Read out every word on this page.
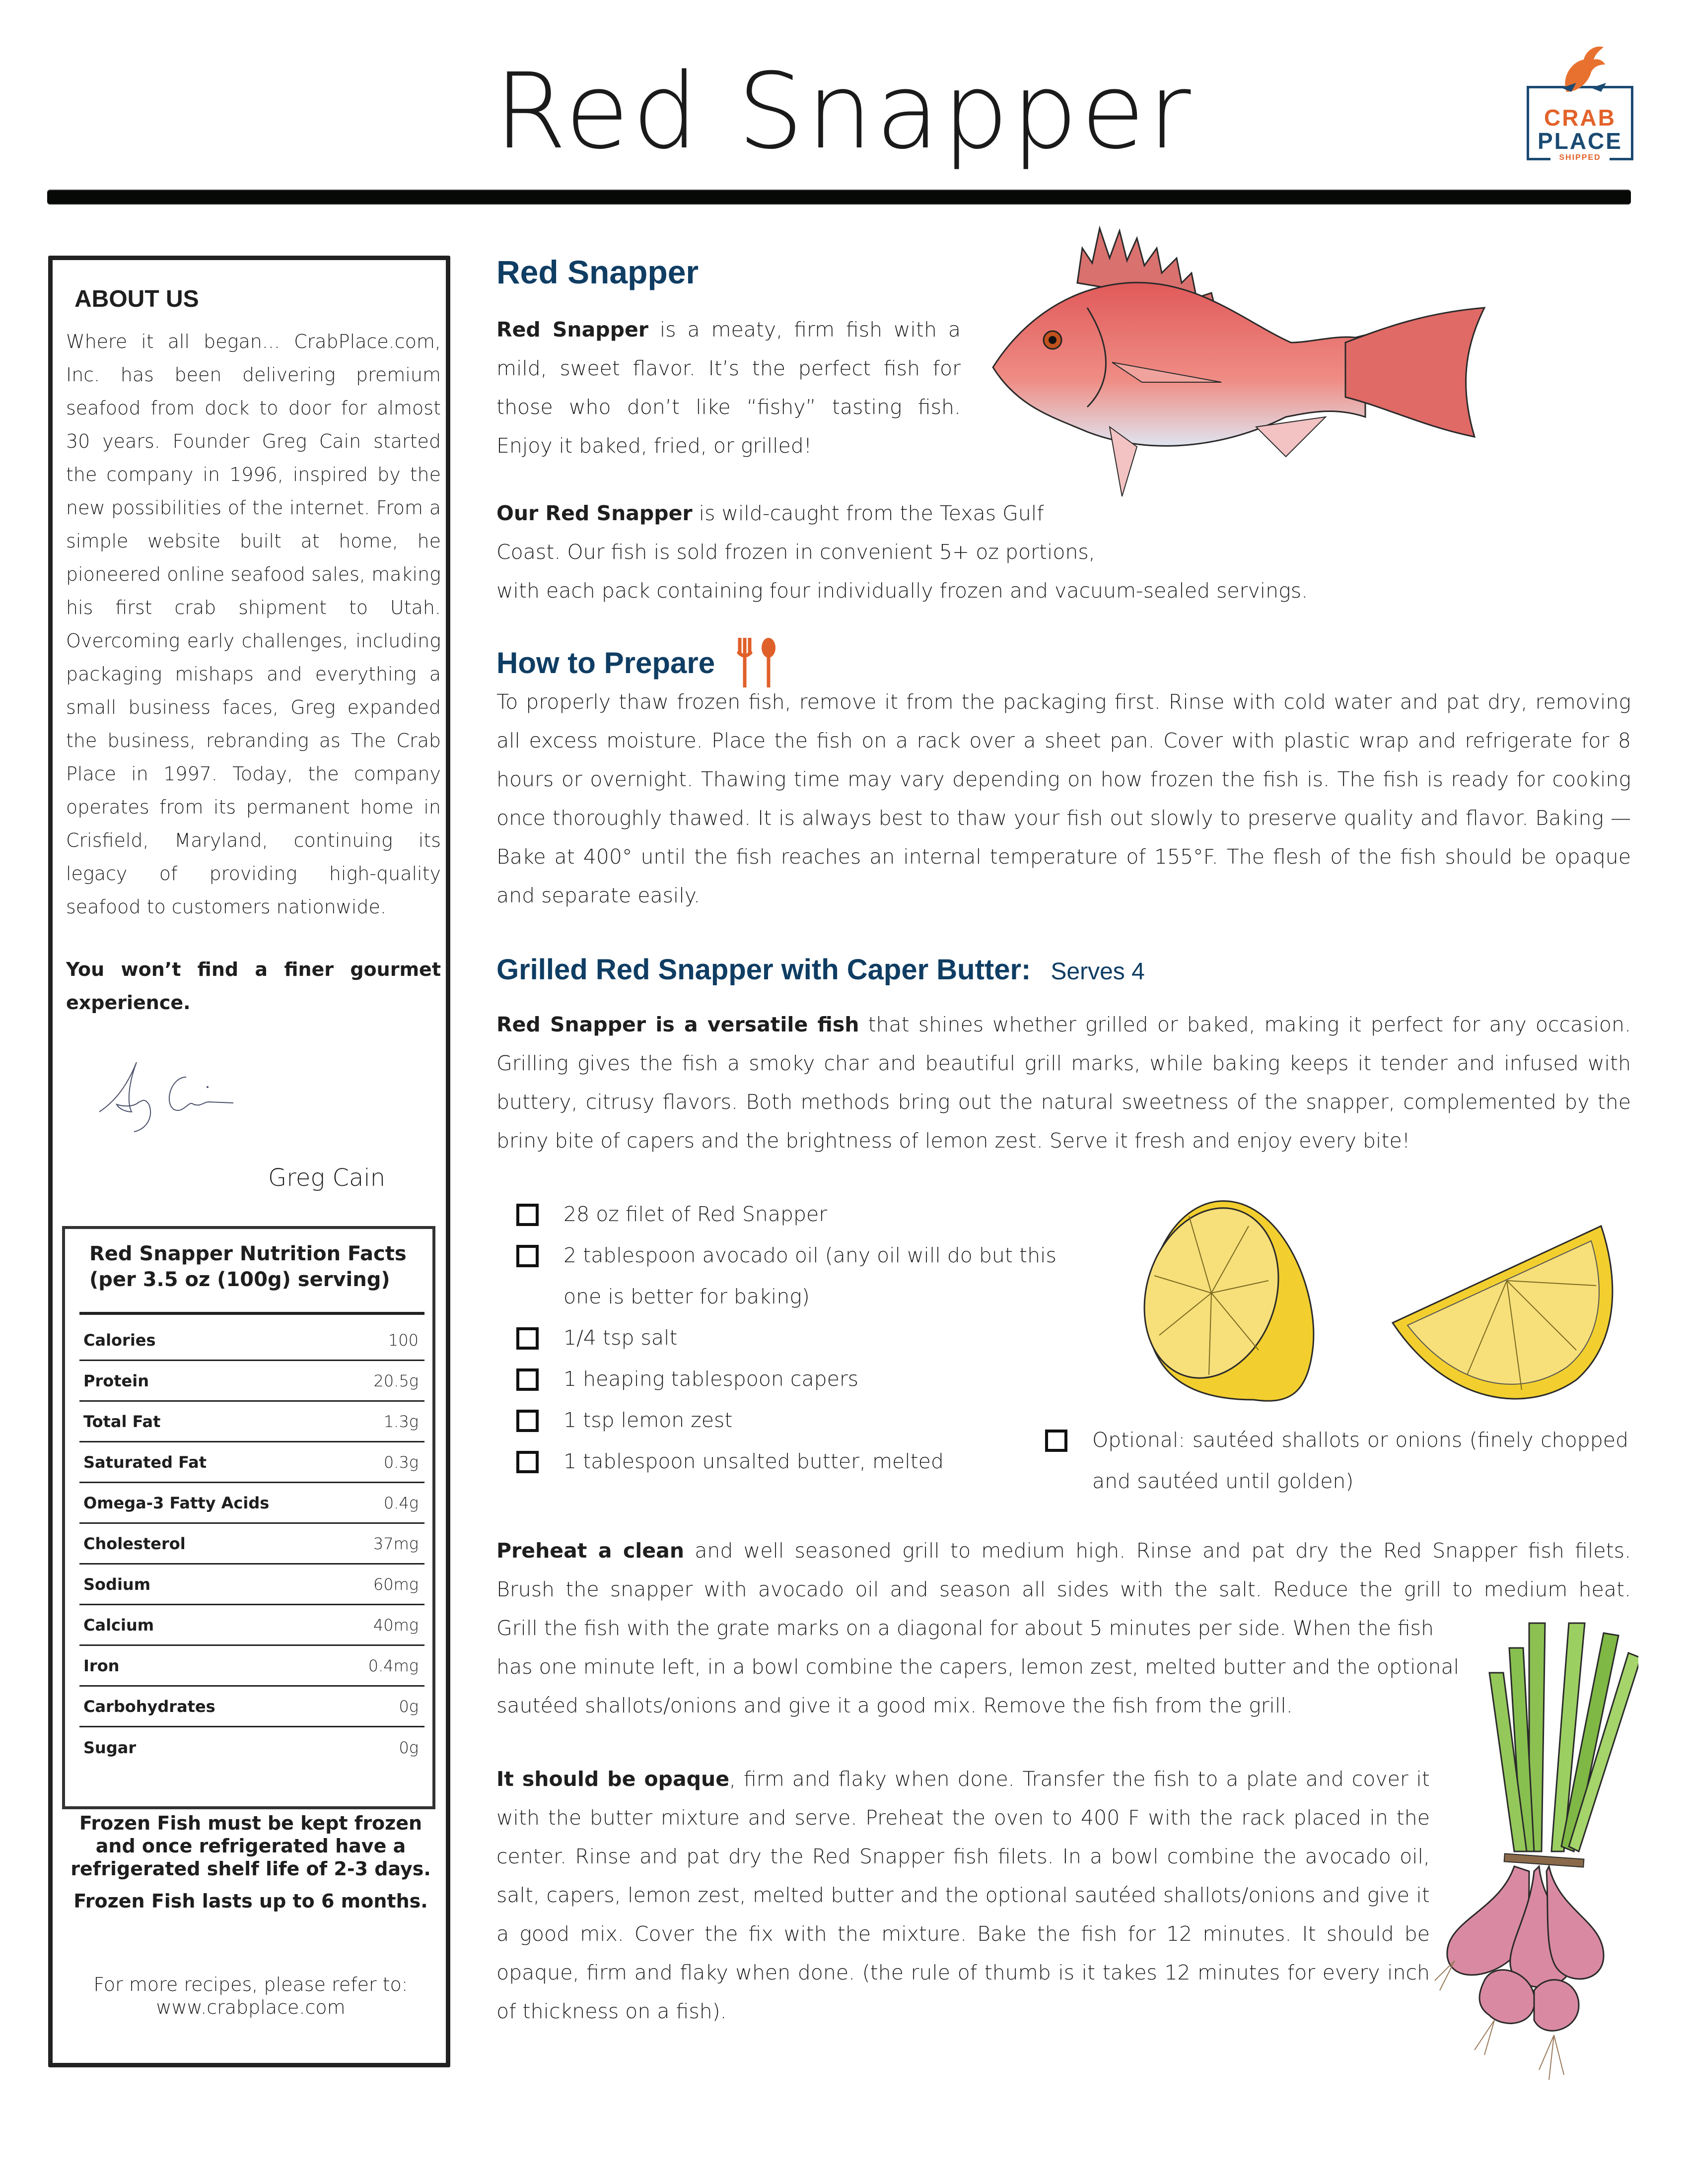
Red Snapper	CRAB
PLACE
SHIPPED
ABOUT US
Where it all began... CrabPlace.com, Inc. has been delivering premium seafood from dock to door for almost 30 years. Founder Greg Cain started the company in 1996, inspired by the new possibilities of the internet. From a simple website built at home, he pioneered online seafood sales, making his first crab shipment to Utah. Overcoming early challenges, including packaging mishaps and everything a small business faces, Greg expanded the business, rebranding as The Crab Place in 1997. Today, the company operates from its permanent home in Crisfield, Maryland, continuing its legacy of providing high-quality seafood to customers nationwide.
You won’t find a finer gourmet experience.
Greg Cain
Red Snapper Nutrition Facts
(per 3.5 oz (100g) serving)
Calories	100
Protein	20.5g
Total Fat	1.3g
Saturated Fat	0.3g
Omega-3 Fatty Acids	0.4g
Cholesterol	37mg
Sodium	60mg
Calcium	40mg
Iron	0.4mg
Carbohydrates	0g
Sugar	0g
Frozen Fish must be kept frozen and once refrigerated have a refrigerated shelf life of 2-3 days.
Frozen Fish lasts up to 6 months.
For more recipes, please refer to:
www.crabplace.com
Red Snapper
Red Snapper is a meaty, firm fish with a mild, sweet flavor. It’s the perfect fish for those who don’t like “fishy” tasting fish. Enjoy it baked, fried, or grilled!
Our Red Snapper is wild-caught from the Texas Gulf
Coast. Our fish is sold frozen in convenient 5+ oz portions,
with each pack containing four individually frozen and vacuum-sealed servings.
How to Prepare
To properly thaw frozen fish, remove it from the packaging first. Rinse with cold water and pat dry, removing all excess moisture. Place the fish on a rack over a sheet pan. Cover with plastic wrap and refrigerate for 8 hours or overnight. Thawing time may vary depending on how frozen the fish is. The fish is ready for cooking once thoroughly thawed. It is always best to thaw your fish out slowly to preserve quality and flavor. Baking —Bake at 400° until the fish reaches an internal temperature of 155°F. The flesh of the fish should be opaque and separate easily.
Grilled Red Snapper with Caper Butter: Serves 4
Red Snapper is a versatile fish that shines whether grilled or baked, making it perfect for any occasion. Grilling gives the fish a smoky char and beautiful grill marks, while baking keeps it tender and infused with buttery, citrusy flavors. Both methods bring out the natural sweetness of the snapper, complemented by the briny bite of capers and the brightness of lemon zest. Serve it fresh and enjoy every bite!
28 oz filet of Red Snapper
2 tablespoon avocado oil (any oil will do but this one is better for baking)
1/4 tsp salt
1 heaping tablespoon capers
1 tsp lemon zest
1 tablespoon unsalted butter, melted
Optional: sautéed shallots or onions (finely chopped and sautéed until golden)
Preheat a clean and well seasoned grill to medium high. Rinse and pat dry the Red Snapper fish filets.
Brush the snapper with avocado oil and season all sides with the salt. Reduce the grill to medium heat.
Grill the fish with the grate marks on a diagonal for about 5 minutes per side. When the fish has one minute left, in a bowl combine the capers, lemon zest, melted butter and the optional sautéed shallots/onions and give it a good mix. Remove the fish from the grill.
It should be opaque, firm and flaky when done. Transfer the fish to a plate and cover it with the butter mixture and serve. Preheat the oven to 400 F with the rack placed in the center. Rinse and pat dry the Red Snapper fish filets. In a bowl combine the avocado oil, salt, capers, lemon zest, melted butter and the optional sautéed shallots/onions and give it a good mix. Cover the fix with the mixture. Bake the fish for 12 minutes. It should be opaque, firm and flaky when done. (the rule of thumb is it takes 12 minutes for every inch of thickness on a fish).
